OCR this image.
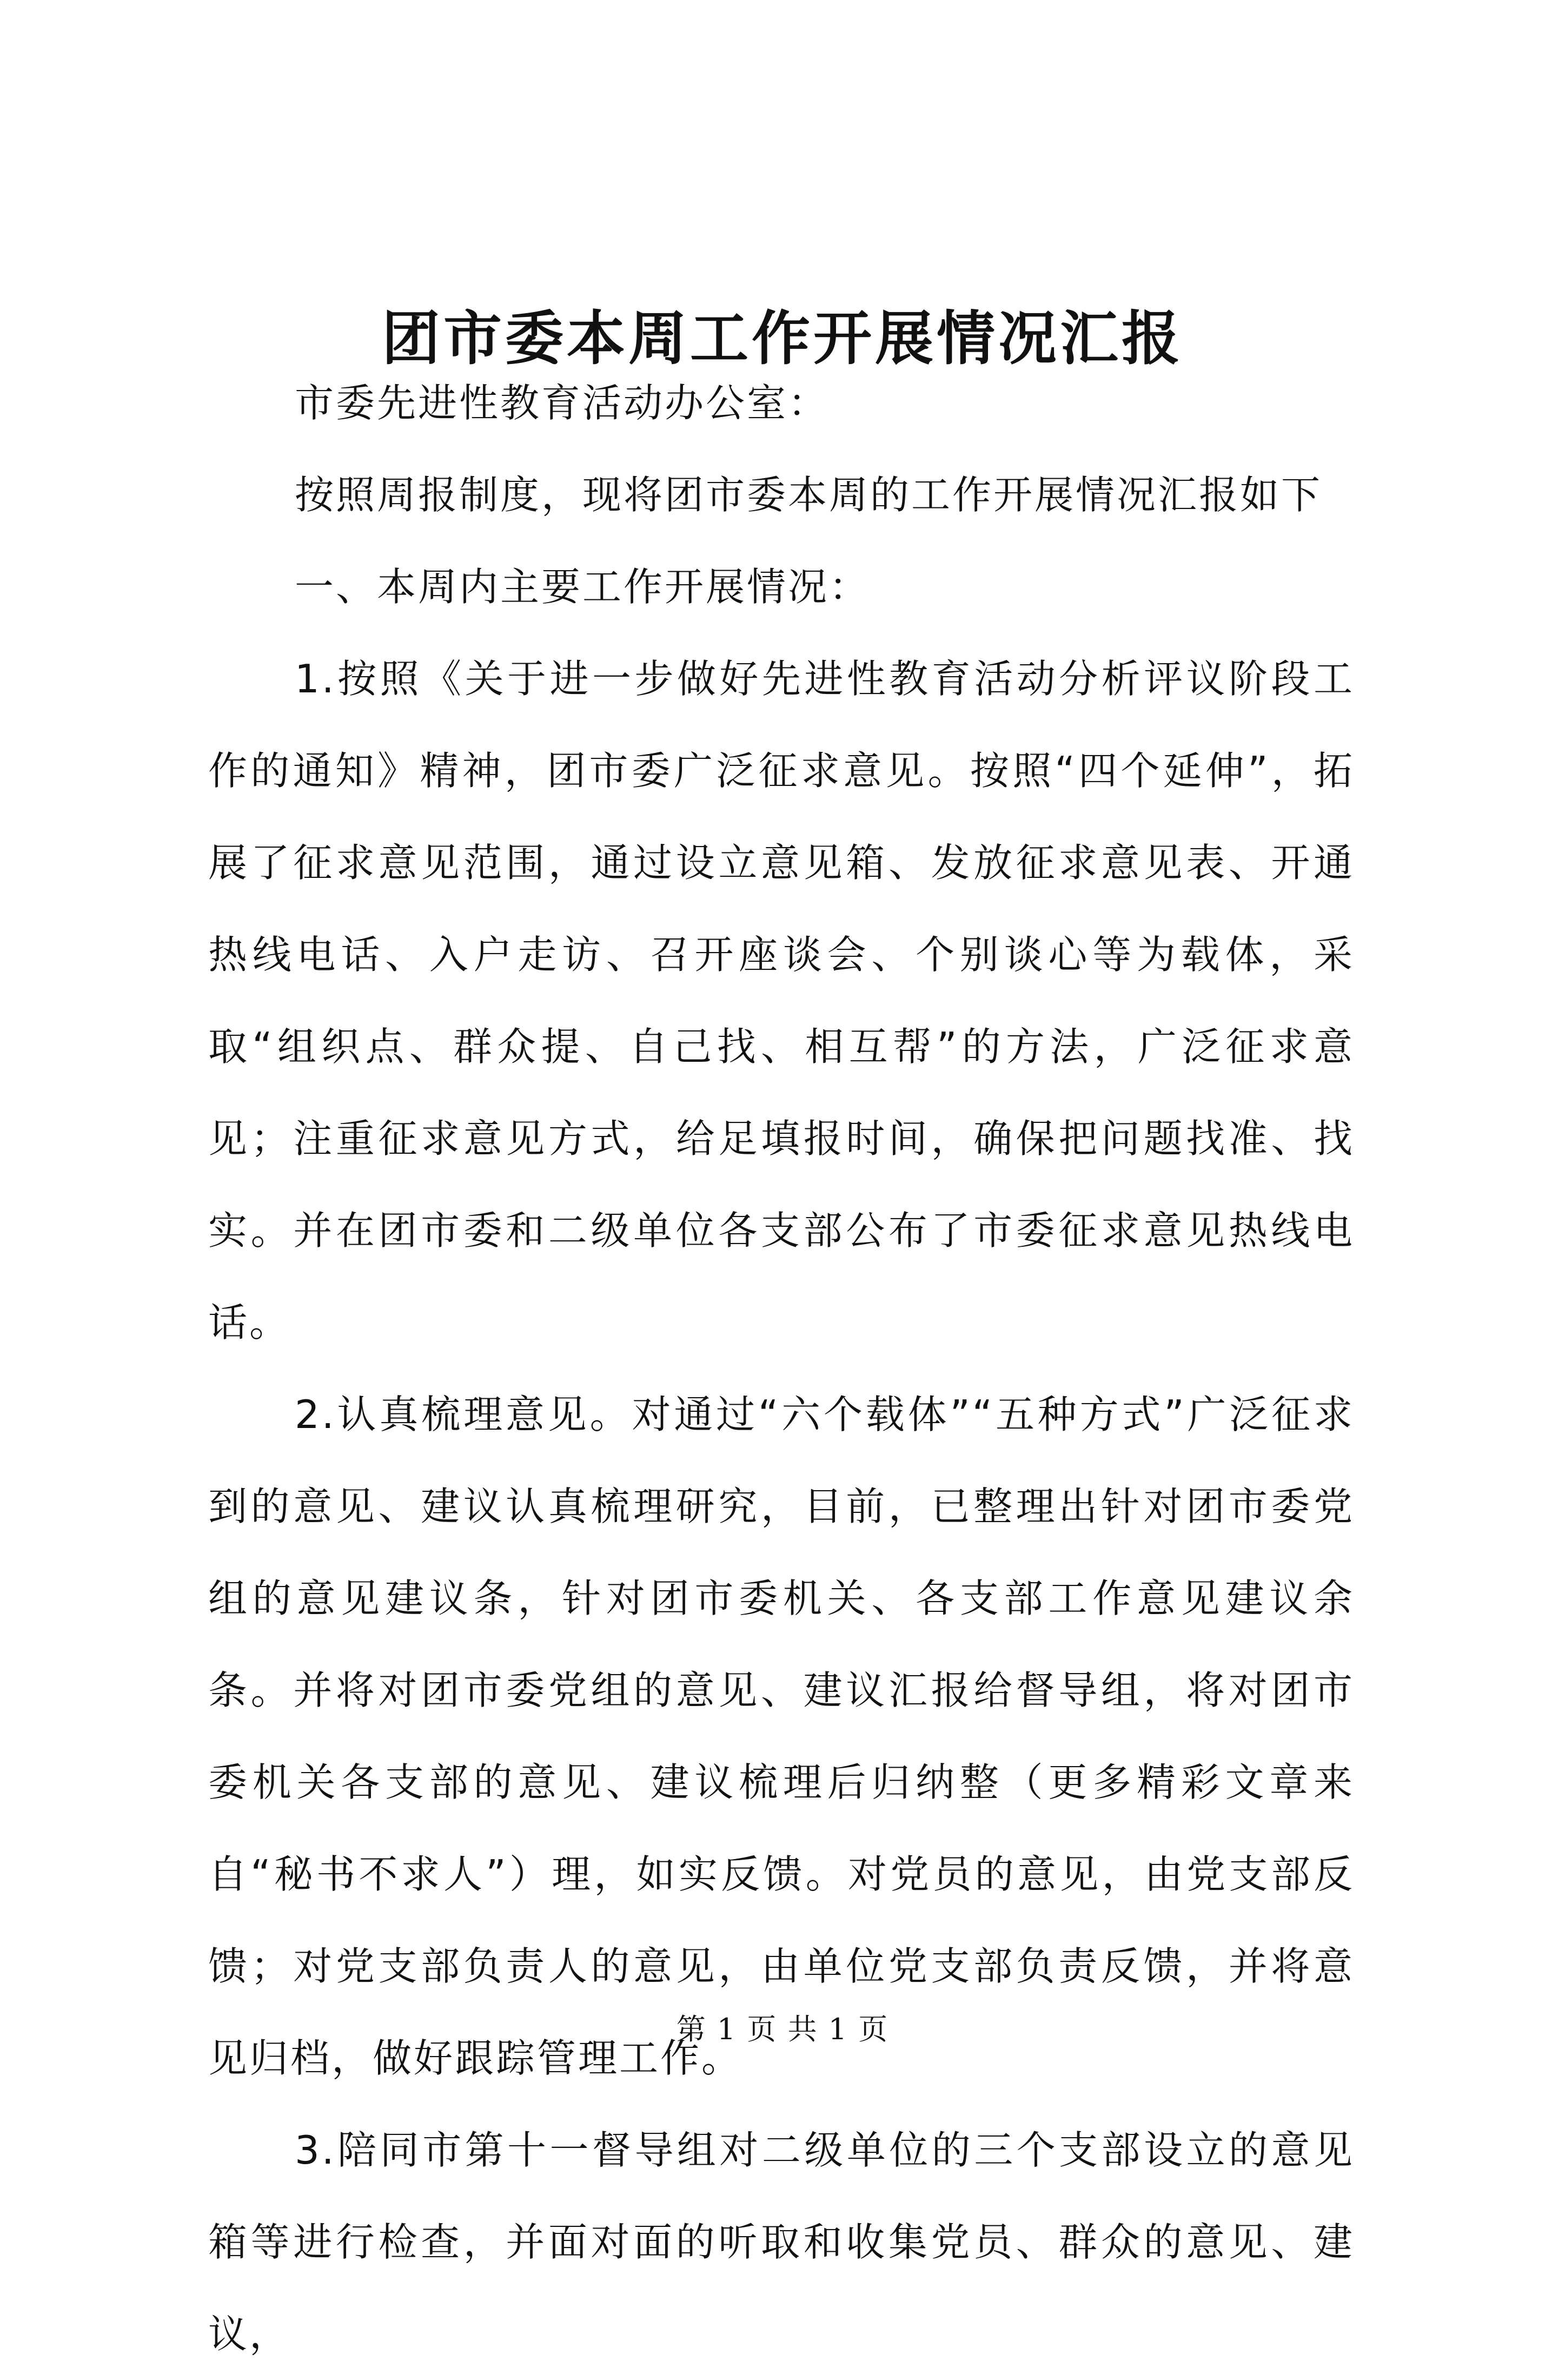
团市委本周工作开展情况汇报

市委先进性教育活动办公室：

按照周报制度，现将团市委本周的工作开展情况汇报如下

一、本周内主要工作开展情况：

1.按照《关于进一步做好先进性教育活动分析评议阶段工作的通知》精神，团市委广泛征求意见。按照“四个延伸”，拓展了征求意见范围，通过设立意见箱、发放征求意见表、开通热线电话、入户走访、召开座谈会、个别谈心等为载体，采取“组织点、群众提、自己找、相互帮”的方法，广泛征求意见；注重征求意见方式，给足填报时间，确保把问题找准、找实。并在团市委和二级单位各支部公布了市委征求意见热线电话。

2.认真梳理意见。对通过“六个载体”“五种方式”广泛征求到的意见、建议认真梳理研究，目前，已整理出针对团市委党组的意见建议条，针对团市委机关、各支部工作意见建议余条。并将对团市委党组的意见、建议汇报给督导组，将对团市委机关各支部的意见、建议梳理后归纳整（更多精彩文章来自“秘书不求人”）理，如实反馈。对党员的意见，由党支部反馈；对党支部负责人的意见，由单位党支部负责反馈，并将意见归档，做好跟踪管理工作。

3.陪同市第十一督导组对二级单位的三个支部设立的意见箱等进行检查，并面对面的听取和收集党员、群众的意见、建议，

第 1 页 共 1 页
